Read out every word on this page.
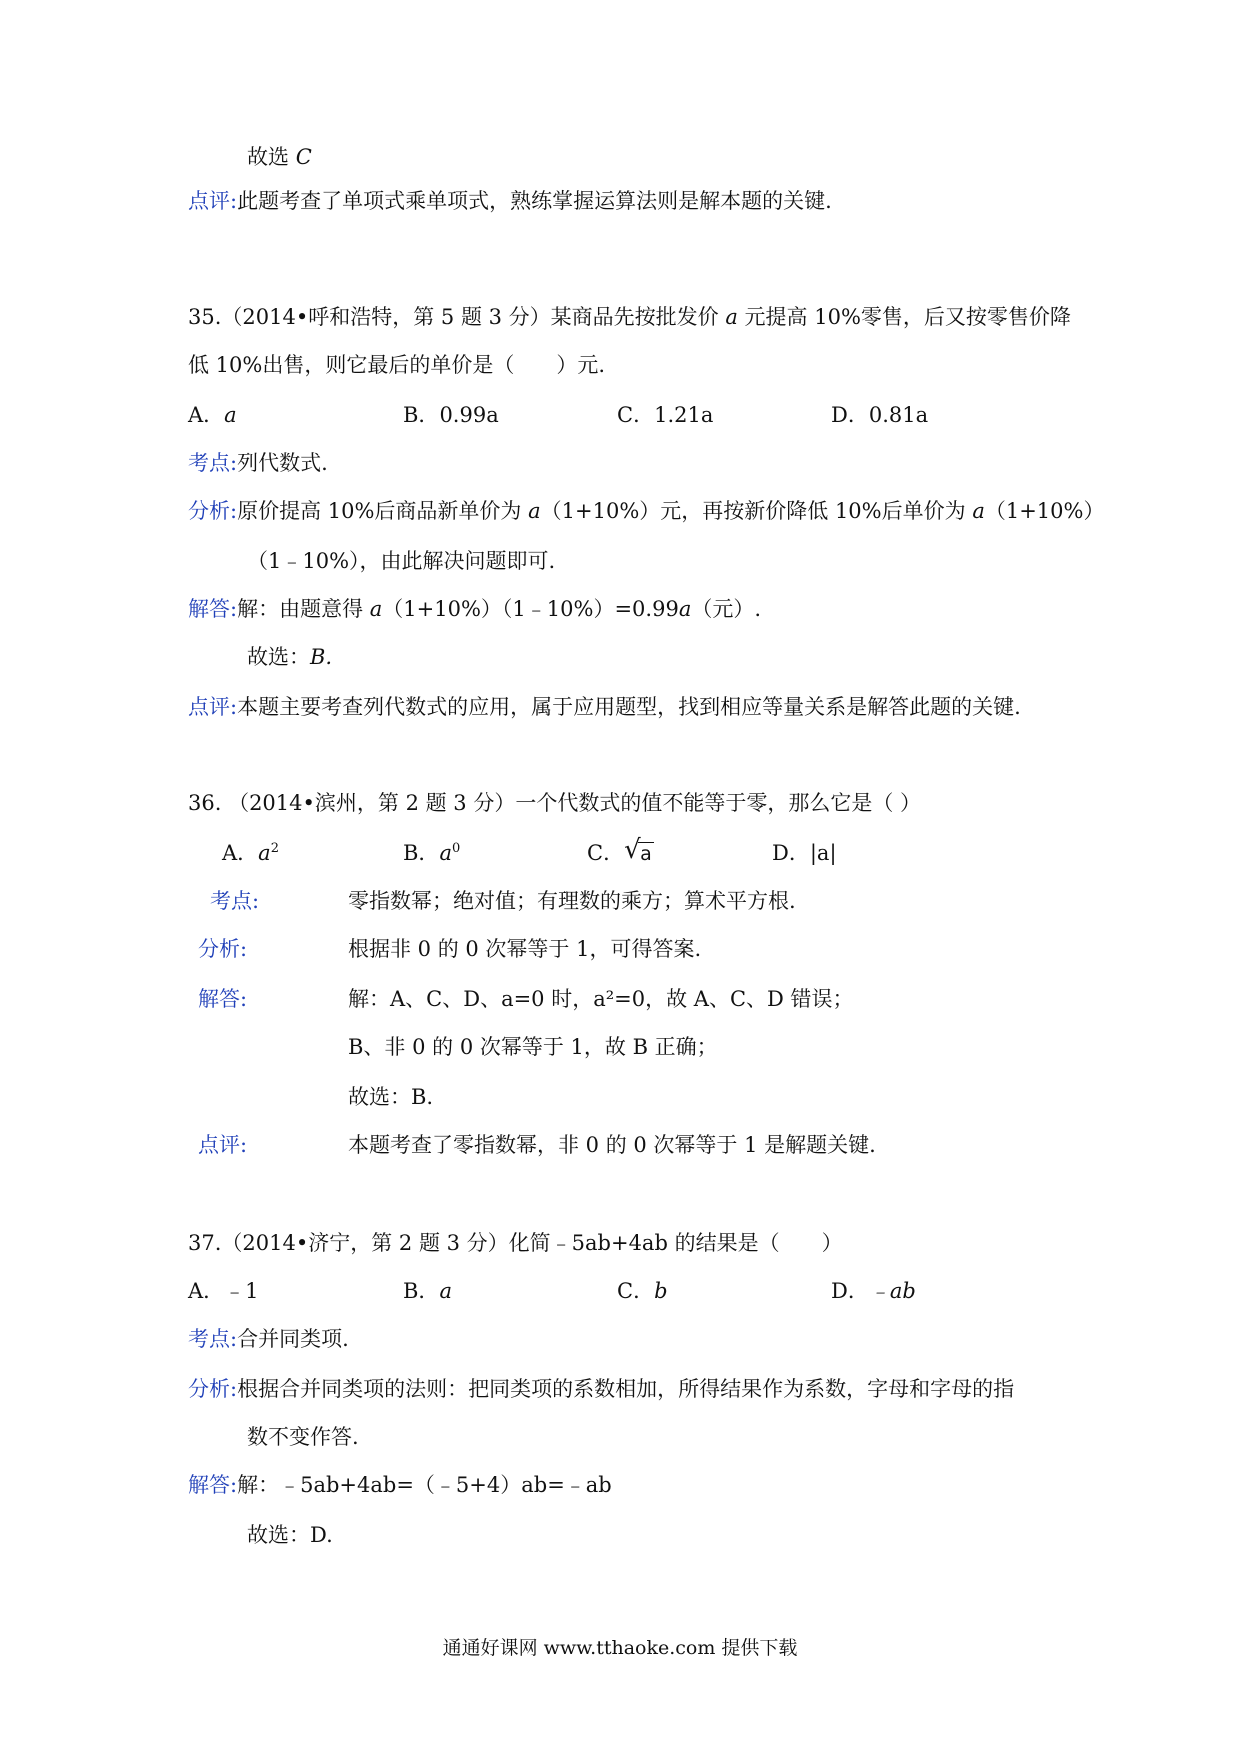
故选 C
点评:此题考查了单项式乘单项式，熟练掌握运算法则是解本题的关键.
35.（2014•呼和浩特，第 5 题 3 分）某商品先按批发价 a 元提高 10%零售，后又按零售价降
低 10%出售，则它最后的单价是（　　）元.
A．a	B．0.99a	C．1.21a	D．0.81a
考点:列代数式.
分析:原价提高 10%后商品新单价为 a（1+10%）元，再按新价降低 10%后单价为 a（1+10%）
（1﹣10%），由此解决问题即可.
解答:解：由题意得 a（1+10%）（1﹣10%）=0.99a（元）.
故选：B.
点评:本题主要考查列代数式的应用，属于应用题型，找到相应等量关系是解答此题的关键.
36. （2014•滨州，第 2 题 3 分）一个代数式的值不能等于零，那么它是（ ）
A．$a^2$	B．$a^0$	C． √ a	D．|a|
考点:	零指数幂；绝对值；有理数的乘方；算术平方根.
分析:	根据非 0 的 0 次幂等于 1，可得答案.
解答:	解：A、C、D、a=0 时，a²=0，故 A、C、D 错误；
B、非 0 的 0 次幂等于 1，故 B 正确；
故选：B.
点评:	本题考查了零指数幂，非 0 的 0 次幂等于 1 是解题关键.
37.（2014•济宁，第 2 题 3 分）化简﹣5ab+4ab 的结果是（　　）
A．﹣1	B．a	C．b	D．﹣ab
考点:合并同类项.
分析:根据合并同类项的法则：把同类项的系数相加，所得结果作为系数，字母和字母的指
数不变作答.
解答:解：﹣5ab+4ab=（﹣5+4）ab=﹣ab
故选：D.
通通好课网 www.tthaoke.com 提供下载
